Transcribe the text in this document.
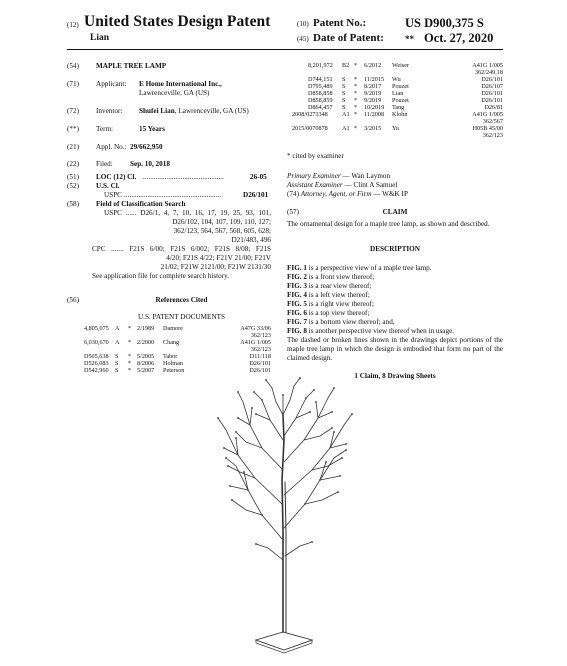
(12) United States Design Patent
Lian
(10) Patent No.:	US D900,375 S
(45) Date of Patent: ** Oct. 27, 2020
(54) MAPLE TREE LAMP
(71) Applicant: E Home International Inc.,
Lawrenceville, GA (US)
(72) Inventor: Shufei Lian, Lawrenceville, GA (US)
(**) Term:	15 Years
(21) Appl. No.: 29/662,950
(22) Filed: Sep. 10, 2018
(51) LOC (12) Cl. .............................................	26-05
(52) U.S. Cl.
USPC ......................................................	D26/101
(58) Field of Classification Search
USPC ...... D26/1, 4, 7, 10, 16, 17, 19, 25, 93, 101,
D26/102, 104, 107, 109, 110, 127;
362/123, 564, 567, 568, 605, 628;
D21/483, 496
CPC ....... F21S 6/00; F21S 6/002; F21S 8/08; F21S
4/20; F21S 4/22; F21V 21/00; F21V
21/02; F21W 2121/00; F21W 2131/30
See application file for complete search history.
(56)	References Cited
U.S. PATENT DOCUMENTS
4,805,075 A * 2/1989 Damore	A47G 33/06
362/123
6,030,670 A * 2/2000 Chang	A41G 1/005
362/123
D505,638 S * 5/2005 Tabor	D11/118
D526,083 S * 8/2006 Holman	D26/101
D542,960 S * 5/2007 Peterson	D26/101
8,201,972 B2 * 6/2012 Weiser	A41G 1/005
362/249.18
D744,151 S * 11/2015 Wu	D26/101
D795,489 S * 8/2017 Pouzet	D26/107
D858,858 S * 9/2019 Lian	D26/101
D858,859 S * 9/2019 Pouzet	D26/101
D864,457 S * 10/2019 Tang	D26/81
2008/0273348 A1 * 11/2008 Klohn	A41G 1/005
362/567
2015/0070878 A1 * 3/2015 Yu	H05B 45/00
362/123
* cited by examiner
Primary Examiner — Wan Laymon
Assistant Examiner — Clint A Samuel
(74) Attorney, Agent, or Firm — W&K IP
(57)	CLAIM
The ornamental design for a maple tree lamp, as shown and described.
DESCRIPTION
FIG. 1 is a perspective view of a maple tree lamp.
FIG. 2 is a front view thereof;
FIG. 3 is a rear view thereof;
FIG. 4 is a left view thereof;
FIG. 5 is a right view thereof;
FIG. 6 is a top view thereof;
FIG. 7 is a bottom view thereof; and,
FIG. 8 is another perspective view thereof when in usage.
The dashed or broken lines shown in the drawings depict portions of the maple tree lamp in which the design is embodied that form no part of the claimed design.
1 Claim, 8 Drawing Sheets
